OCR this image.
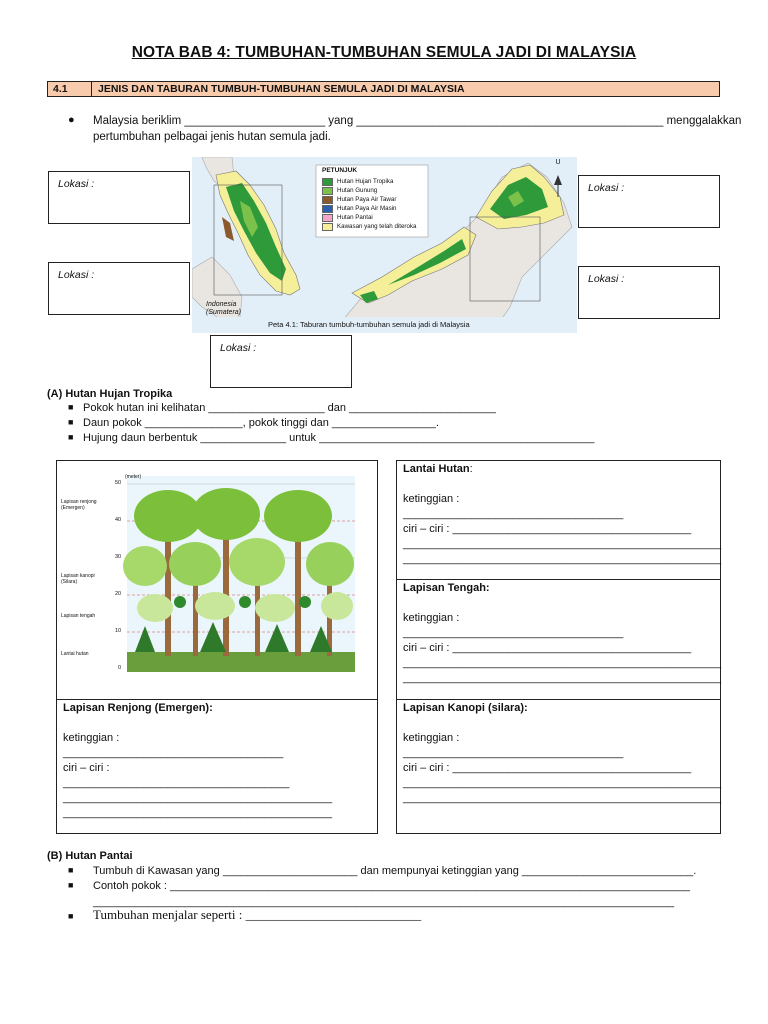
NOTA BAB 4: TUMBUHAN-TUMBUHAN SEMULA JADI DI MALAYSIA
4.1	JENIS DAN TABURAN TUMBUH-TUMBUHAN SEMULA JADI DI MALAYSIA
● Malaysia beriklim ______________________ yang ________________________________________________ menggalakkan
pertumbuhan pelbagai jenis hutan semula jadi.
Lokasi :
Lokasi :
Lokasi :
Lokasi :
Lokasi :
PETUNJUK
Hutan Hujan Tropika
Hutan Gunung
Hutan Paya Air Tawar
Hutan Paya Air Masin
Hutan Pantai
Kawasan yang telah diteroka
U
Indonesia
(Sumatera)
Peta 4.1: Taburan tumbuh-tumbuhan semula jadi di Malaysia
(A) Hutan Hujan Tropika
■ Pokok hutan ini kelihatan ___________________ dan ________________________
■ Daun pokok ________________, pokok tinggi dan _________________.
■ Hujung daun berbentuk ______________ untuk _____________________________________________
(meter)
50
40
30
20
10
0
Lapisan renjong (Emergen)
Lapisan kanopi (Silara)
Lapisan tengah
Lantai hutan
Lantai Hutan:
ketinggian :
____________________________________
ciri – ciri : _______________________________________
____________________________________________________
____________________________________________________
Lapisan Tengah:
ketinggian :
____________________________________
ciri – ciri : _______________________________________
____________________________________________________
____________________________________________________
Lapisan Renjong (Emergen):
ketinggian :
____________________________________
ciri – ciri :
_____________________________________
____________________________________________
____________________________________________
Lapisan Kanopi (silara):
ketinggian :
____________________________________
ciri – ciri : _______________________________________
____________________________________________________
____________________________________________________
(B) Hutan Pantai
■ Tumbuh di Kawasan yang ______________________ dan mempunyai ketinggian yang ____________________________.
■ Contoh pokok : _____________________________________________________________________________________
_______________________________________________________________________________________________
■ Tumbuhan menjalar seperti : ___________________________
